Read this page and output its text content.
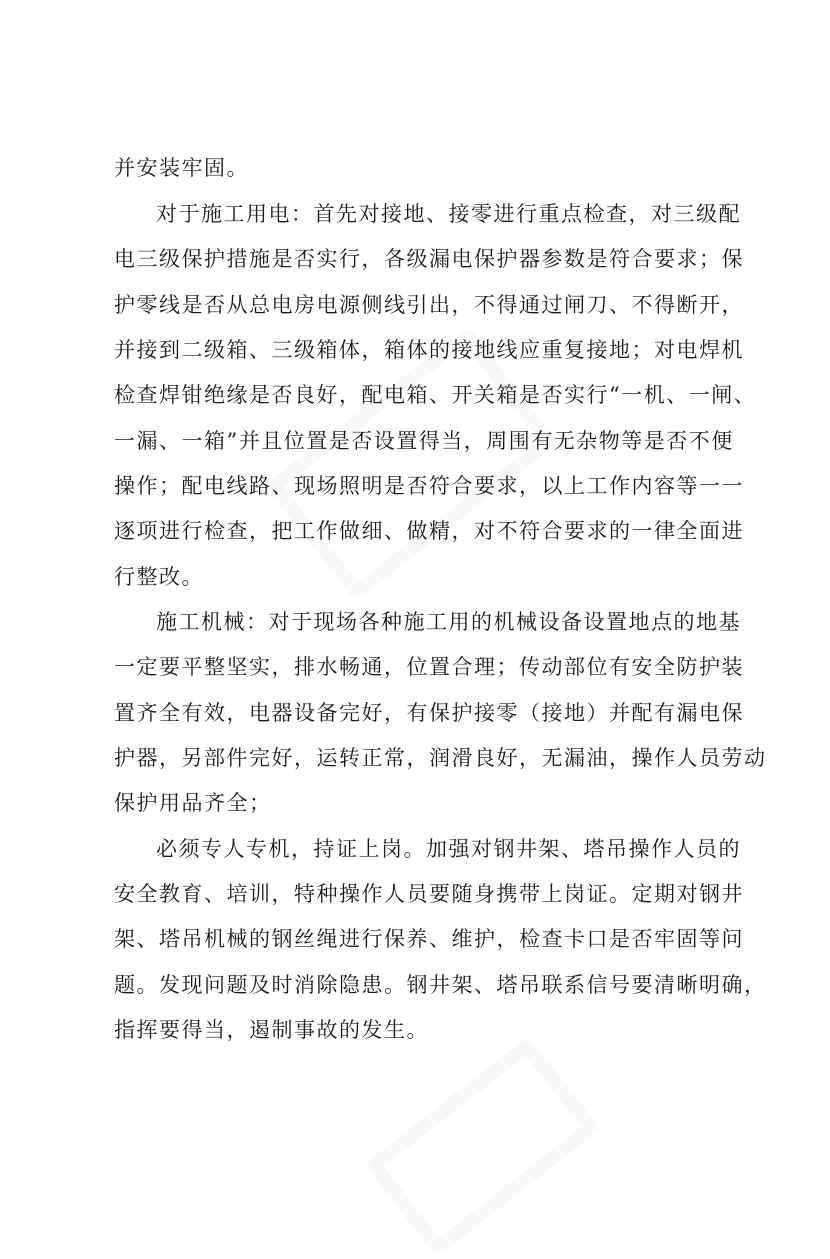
并安装牢固。
对于施工用电：首先对接地、接零进行重点检查，对三级配
电三级保护措施是否实行，各级漏电保护器参数是符合要求；保
护零线是否从总电房电源侧线引出，不得通过闸刀、不得断开，
并接到二级箱、三级箱体，箱体的接地线应重复接地；对电焊机
检查焊钳绝缘是否良好，配电箱、开关箱是否实行“一机、一闸、
一漏、一箱”并且位置是否设置得当，周围有无杂物等是否不便
操作；配电线路、现场照明是否符合要求，以上工作内容等一一
逐项进行检查，把工作做细、做精，对不符合要求的一律全面进
行整改。
施工机械：对于现场各种施工用的机械设备设置地点的地基
一定要平整坚实，排水畅通，位置合理；传动部位有安全防护装
置齐全有效，电器设备完好，有保护接零（接地）并配有漏电保
护器，另部件完好，运转正常，润滑良好，无漏油，操作人员劳动
保护用品齐全；
必须专人专机，持证上岗。加强对钢井架、塔吊操作人员的
安全教育、培训，特种操作人员要随身携带上岗证。定期对钢井
架、塔吊机械的钢丝绳进行保养、维护，检查卡口是否牢固等问
题。发现问题及时消除隐患。钢井架、塔吊联系信号要清晰明确，
指挥要得当，遏制事故的发生。
